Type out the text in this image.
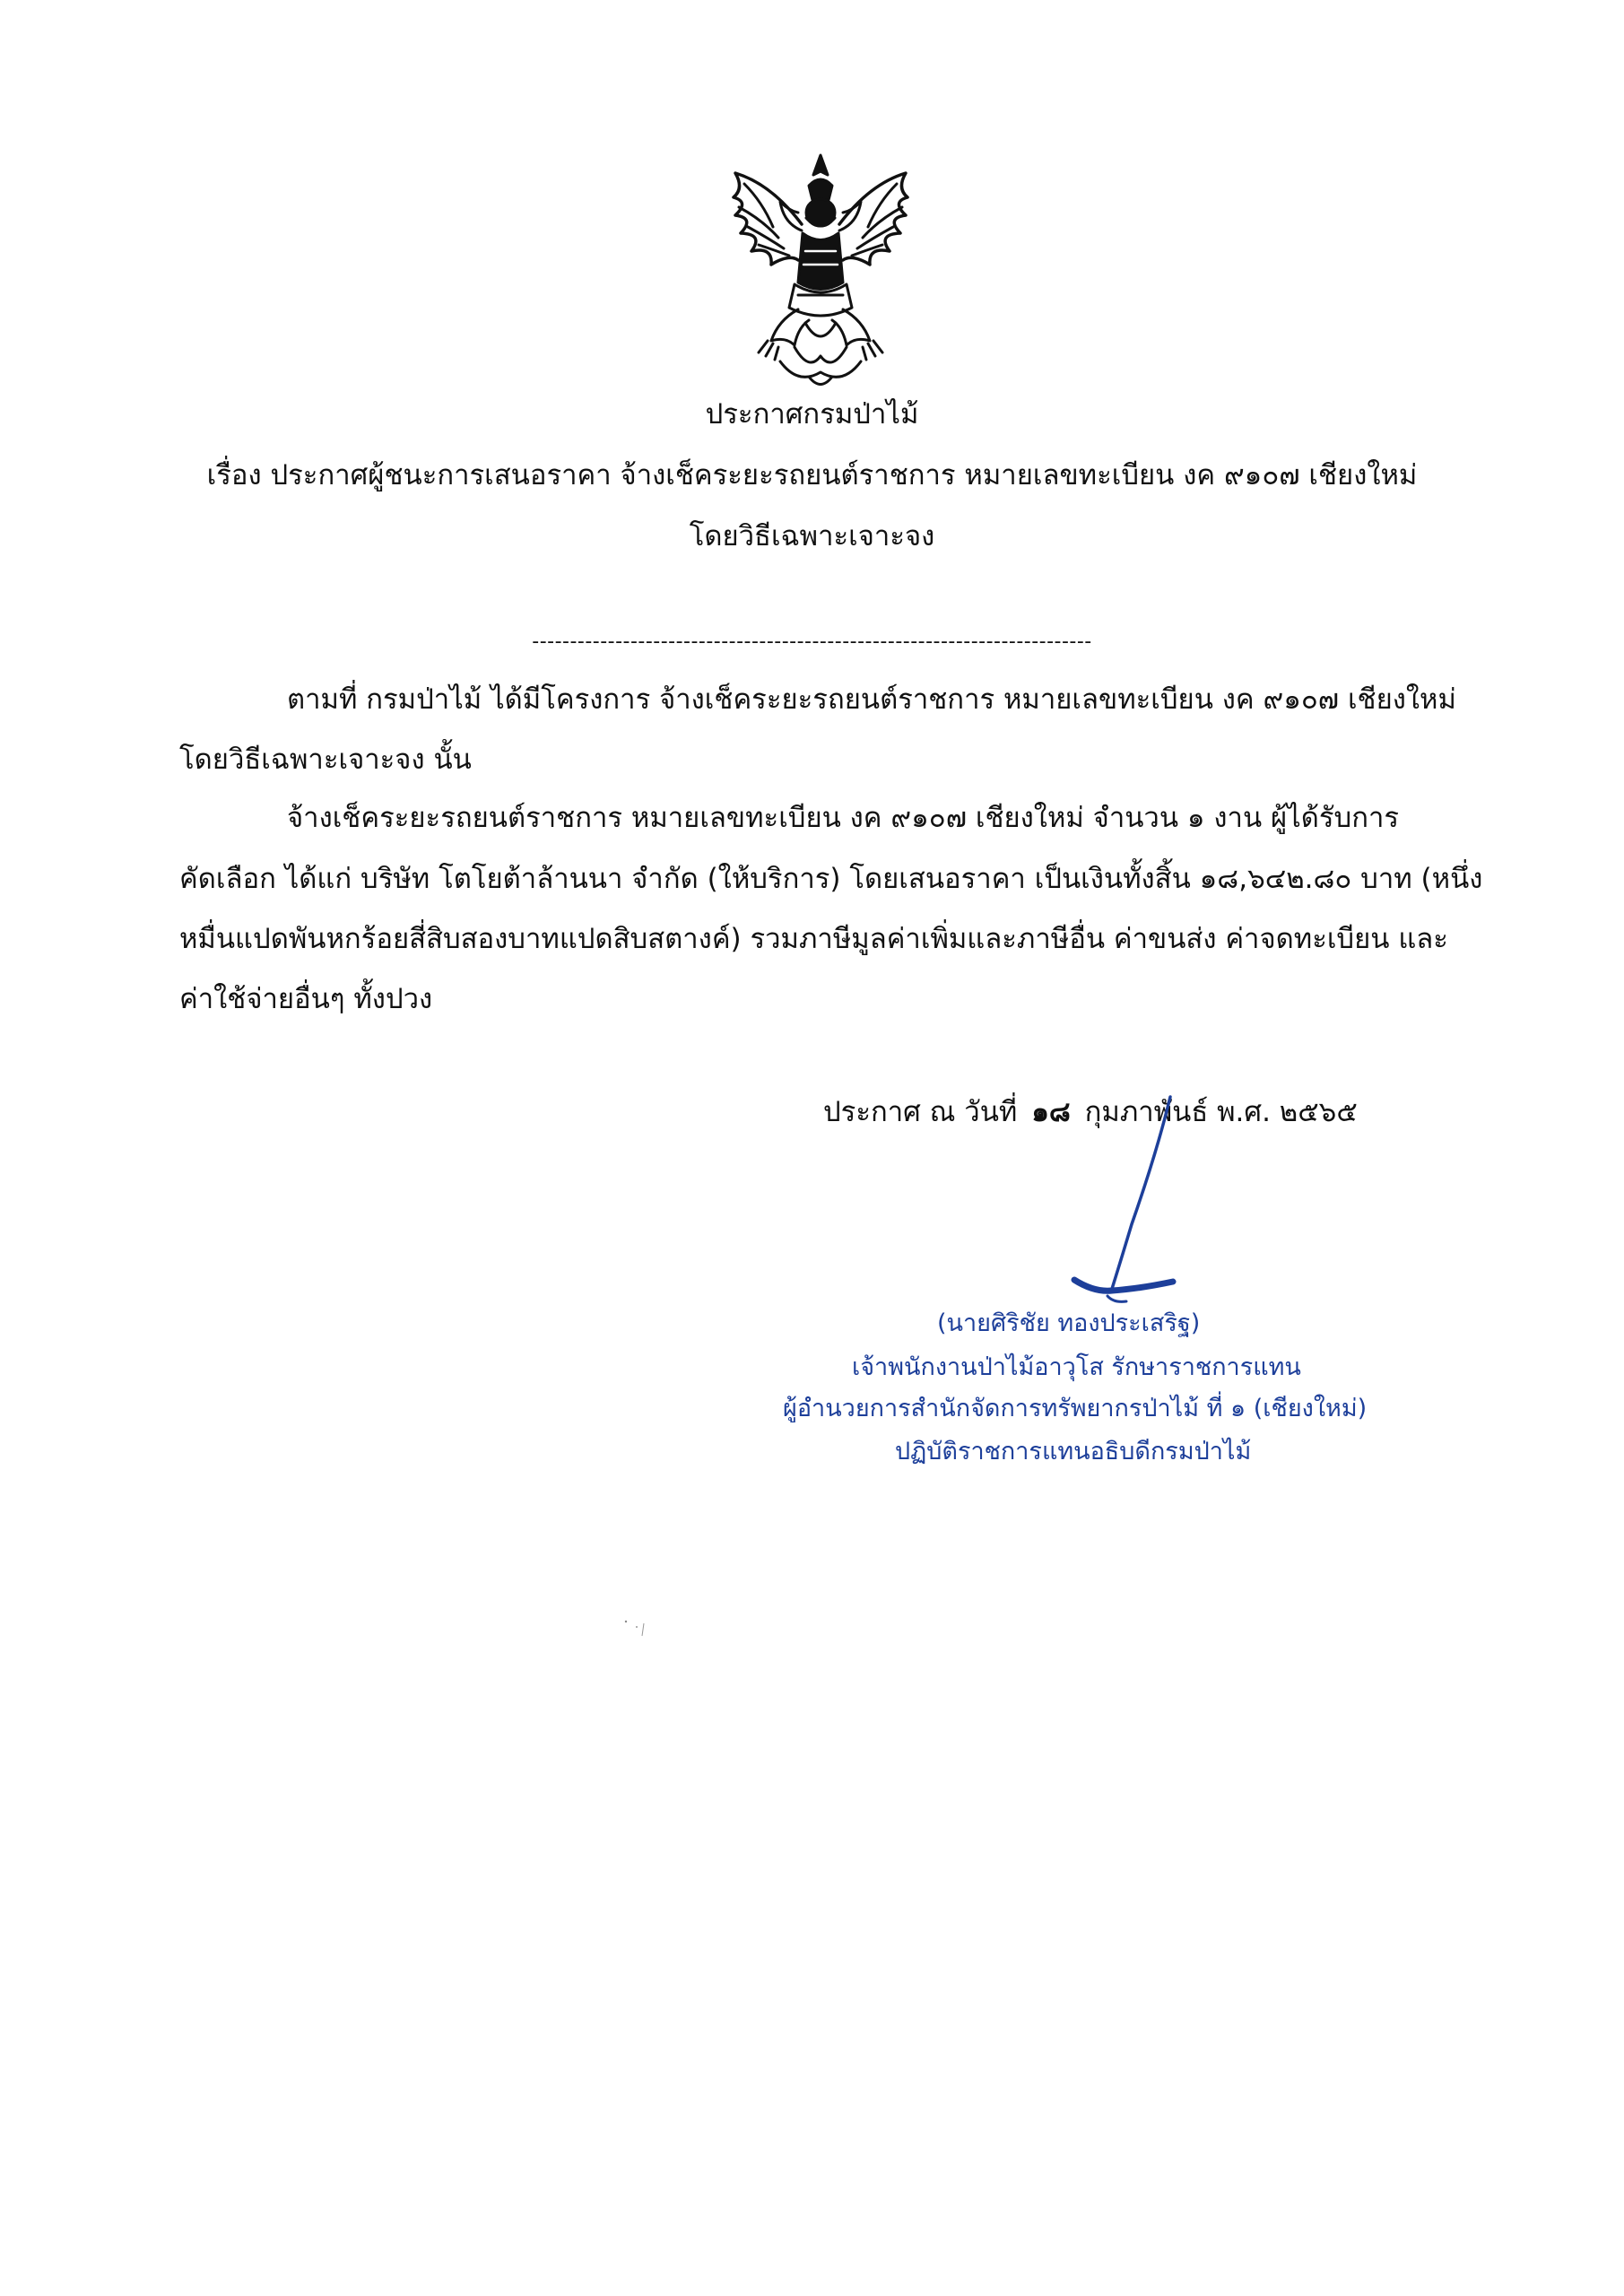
ประกาศกรมป่าไม้
เรื่อง ประกาศผู้ชนะการเสนอราคา จ้างเช็คระยะรถยนต์ราชการ หมายเลขทะเบียน งค ๙๑๐๗ เชียงใหม่
โดยวิธีเฉพาะเจาะจง
--------------------------------------------------------------------------
ตามที่ กรมป่าไม้ ได้มีโครงการ จ้างเช็คระยะรถยนต์ราชการ หมายเลขทะเบียน งค ๙๑๐๗ เชียงใหม่
โดยวิธีเฉพาะเจาะจง นั้น
จ้างเช็คระยะรถยนต์ราชการ หมายเลขทะเบียน งค ๙๑๐๗ เชียงใหม่ จำนวน ๑ งาน ผู้ได้รับการ
คัดเลือก ได้แก่ บริษัท โตโยต้าล้านนา จำกัด (ให้บริการ) โดยเสนอราคา เป็นเงินทั้งสิ้น ๑๘,๖๔๒.๘๐ บาท (หนึ่ง
หมื่นแปดพันหกร้อยสี่สิบสองบาทแปดสิบสตางค์) รวมภาษีมูลค่าเพิ่มและภาษีอื่น ค่าขนส่ง ค่าจดทะเบียน และ
ค่าใช้จ่ายอื่นๆ ทั้งปวง
ประกาศ ณ วันที่ ๑๘ กุมภาพันธ์ พ.ศ. ๒๕๖๕
(นายศิริชัย ทองประเสริฐ)
เจ้าพนักงานป่าไม้อาวุโส รักษาราชการแทน
ผู้อำนวยการสำนักจัดการทรัพยากรป่าไม้ ที่ ๑ (เชียงใหม่)
ปฏิบัติราชการแทนอธิบดีกรมป่าไม้
